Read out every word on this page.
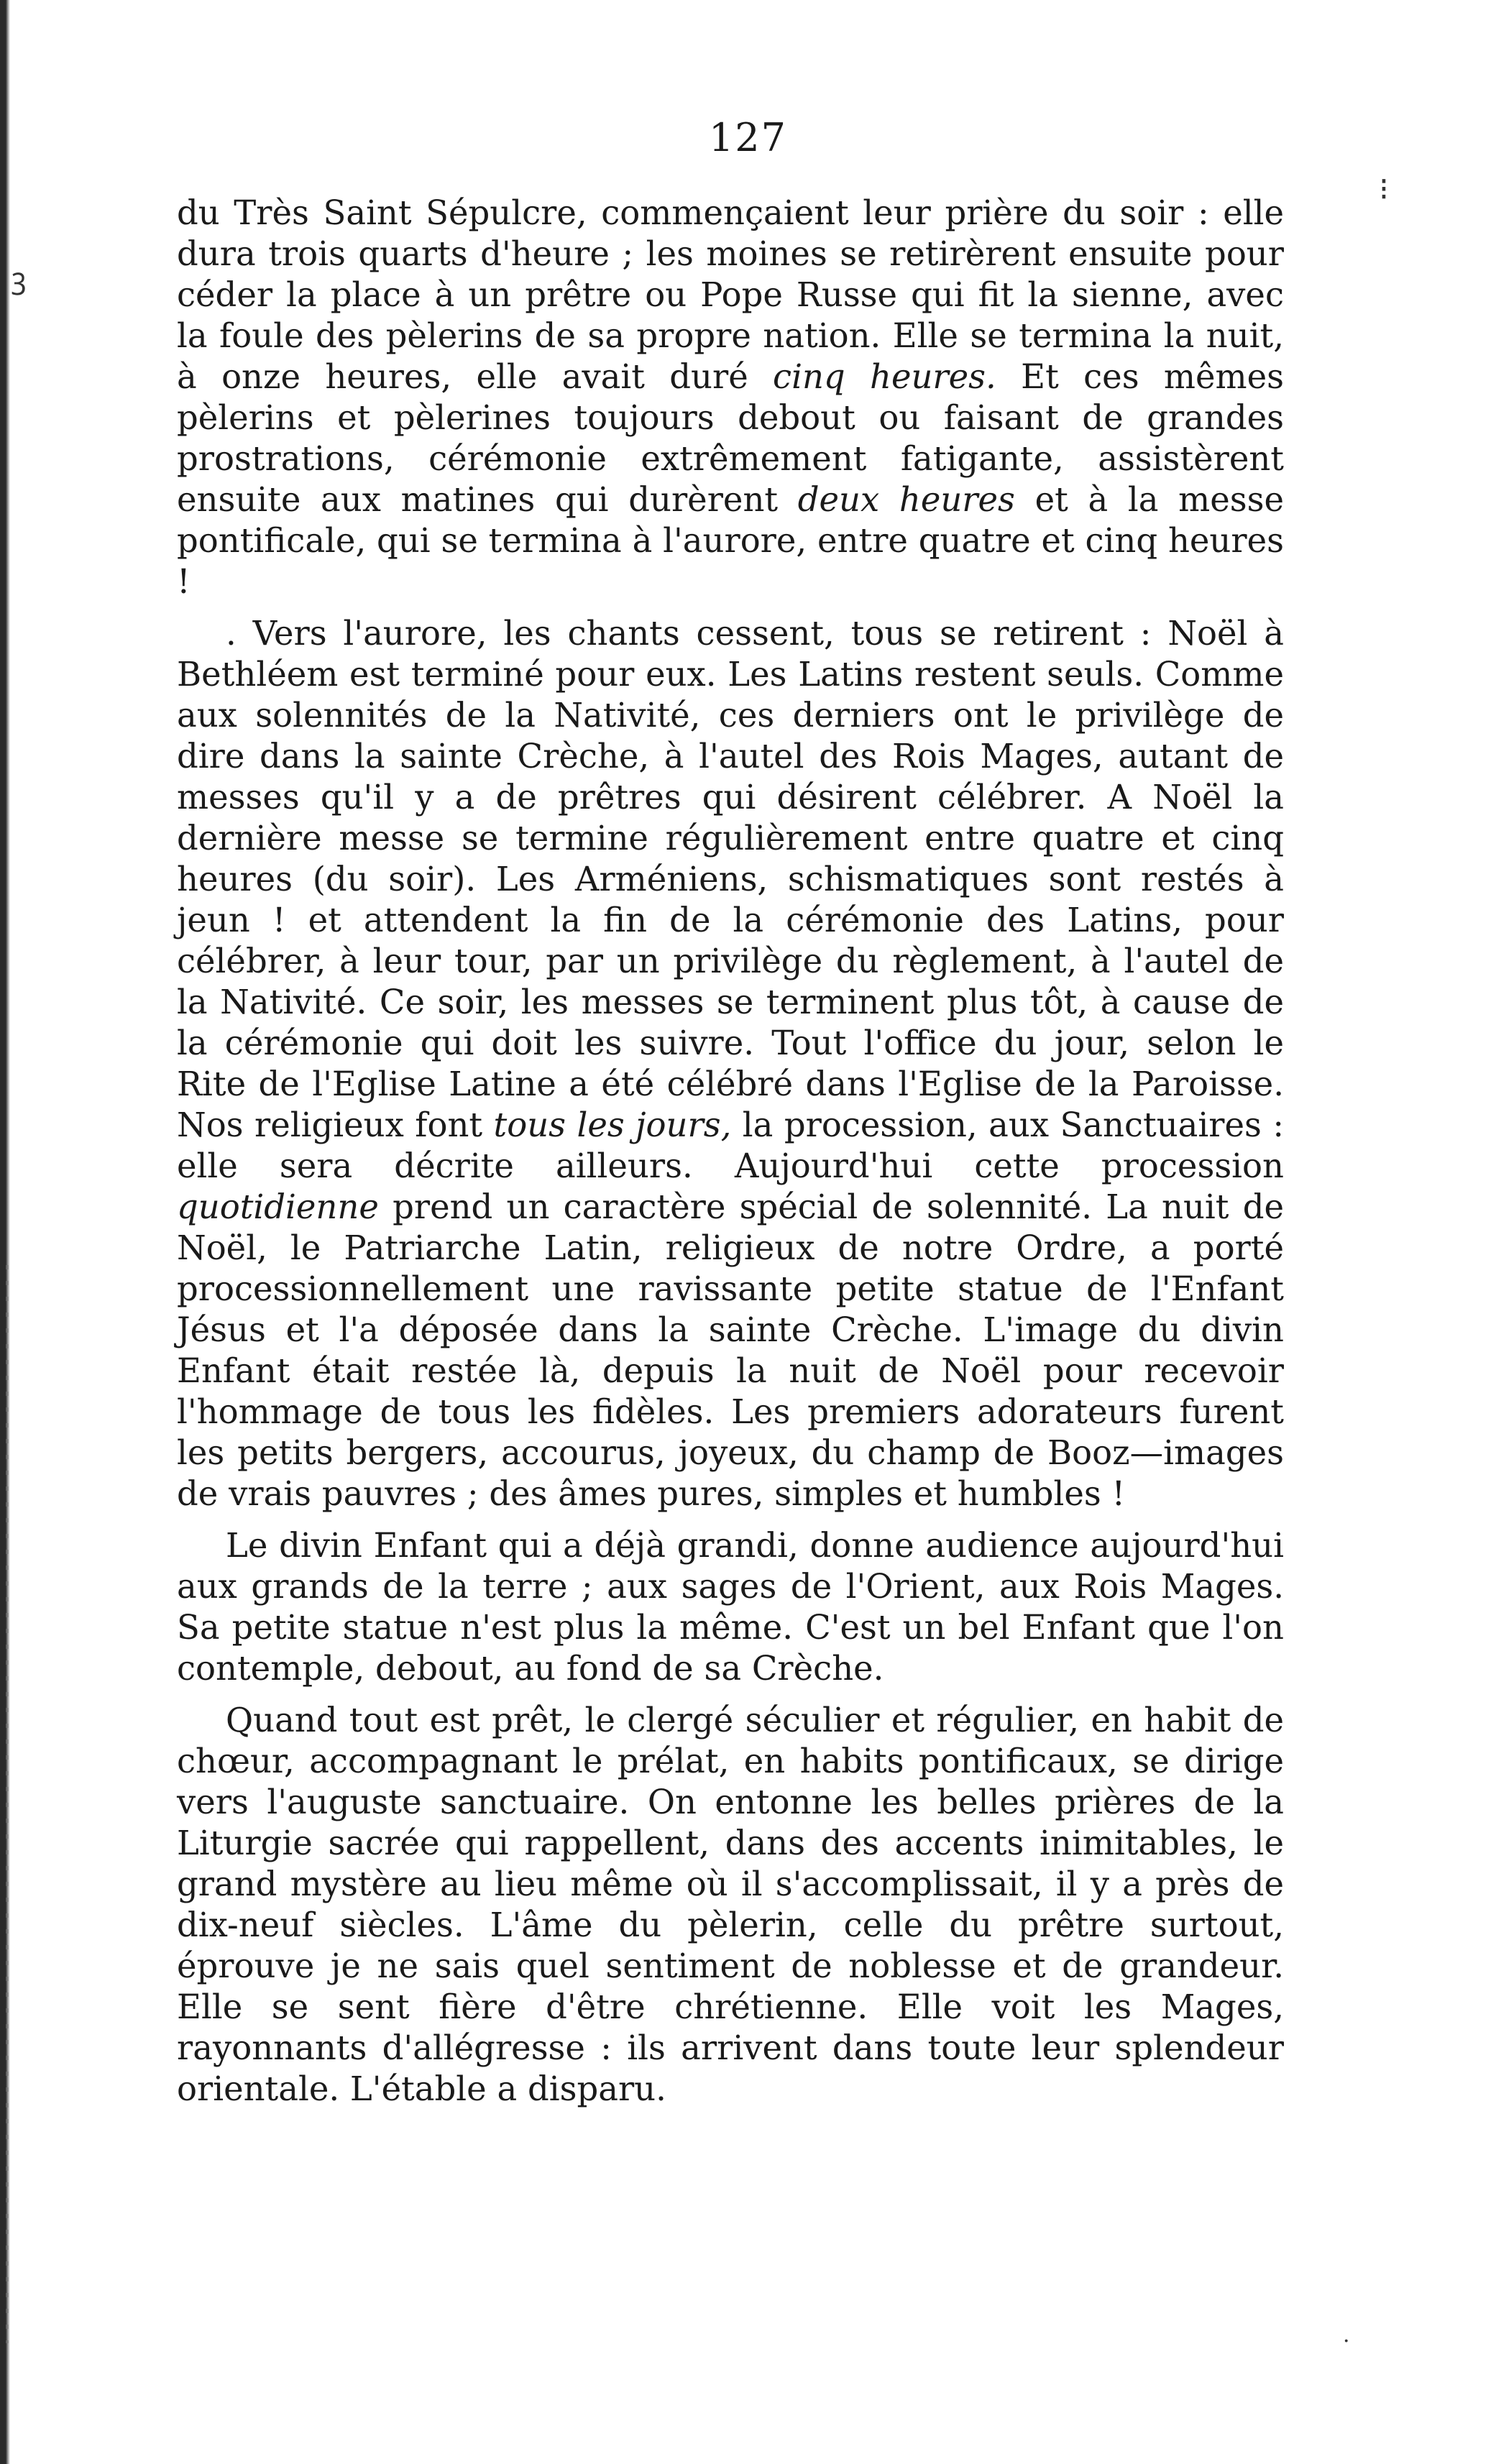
127
ꝫ
⁝
·

du Très Saint Sépulcre, commençaient leur prière du soir : elle dura trois quarts d'heure ; les moines se retirèrent ensuite pour céder la place à un prêtre ou Pope Russe qui fit la sienne, avec la foule des pèlerins de sa propre nation. Elle se termina la nuit, à onze heures, elle avait duré cinq heures. Et ces mêmes pèlerins et pèlerines toujours debout ou faisant de grandes prostrations, cérémonie extrêmement fatigante, assistèrent ensuite aux matines qui durèrent deux heures et à la messe pontificale, qui se termina à l'aurore, entre quatre et cinq heures !

. Vers l'aurore, les chants cessent, tous se retirent : Noël à Bethléem est terminé pour eux. Les Latins restent seuls. Comme aux solennités de la Nativité, ces derniers ont le privilège de dire dans la sainte Crèche, à l'autel des Rois Mages, autant de messes qu'il y a de prêtres qui désirent célébrer. A Noël la dernière messe se termine régulièrement entre quatre et cinq heures (du soir). Les Arméniens, schismatiques sont restés à jeun ! et attendent la fin de la cérémonie des Latins, pour célébrer, à leur tour, par un privilège du règlement, à l'autel de la Nativité. Ce soir, les messes se terminent plus tôt, à cause de la cérémonie qui doit les suivre. Tout l'office du jour, selon le Rite de l'Eglise Latine a été célébré dans l'Eglise de la Paroisse. Nos religieux font tous les jours, la procession, aux Sanctuaires : elle sera décrite ailleurs. Aujourd'hui cette procession quotidienne prend un caractère spécial de solennité. La nuit de Noël, le Patriarche Latin, religieux de notre Ordre, a porté processionnellement une ravissante petite statue de l'Enfant Jésus et l'a déposée dans la sainte Crèche. L'image du divin Enfant était restée là, depuis la nuit de Noël pour recevoir l'hommage de tous les fidèles. Les premiers adorateurs furent les petits bergers, accourus, joyeux, du champ de Booz—images de vrais pauvres ; des âmes pures, simples et humbles !

Le divin Enfant qui a déjà grandi, donne audience aujourd'hui aux grands de la terre ; aux sages de l'Orient, aux Rois Mages. Sa petite statue n'est plus la même. C'est un bel Enfant que l'on contemple, debout, au fond de sa Crèche.

Quand tout est prêt, le clergé séculier et régulier, en habit de chœur, accompagnant le prélat, en habits pontificaux, se dirige vers l'auguste sanctuaire. On entonne les belles prières de la Liturgie sacrée qui rappellent, dans des accents inimitables, le grand mystère au lieu même où il s'accomplissait, il y a près de dix-neuf siècles. L'âme du pèlerin, celle du prêtre surtout, éprouve je ne sais quel sentiment de noblesse et de grandeur. Elle se sent fière d'être chrétienne. Elle voit les Mages, rayonnants d'allégresse : ils arrivent dans toute leur splendeur orientale. L'étable a disparu.
